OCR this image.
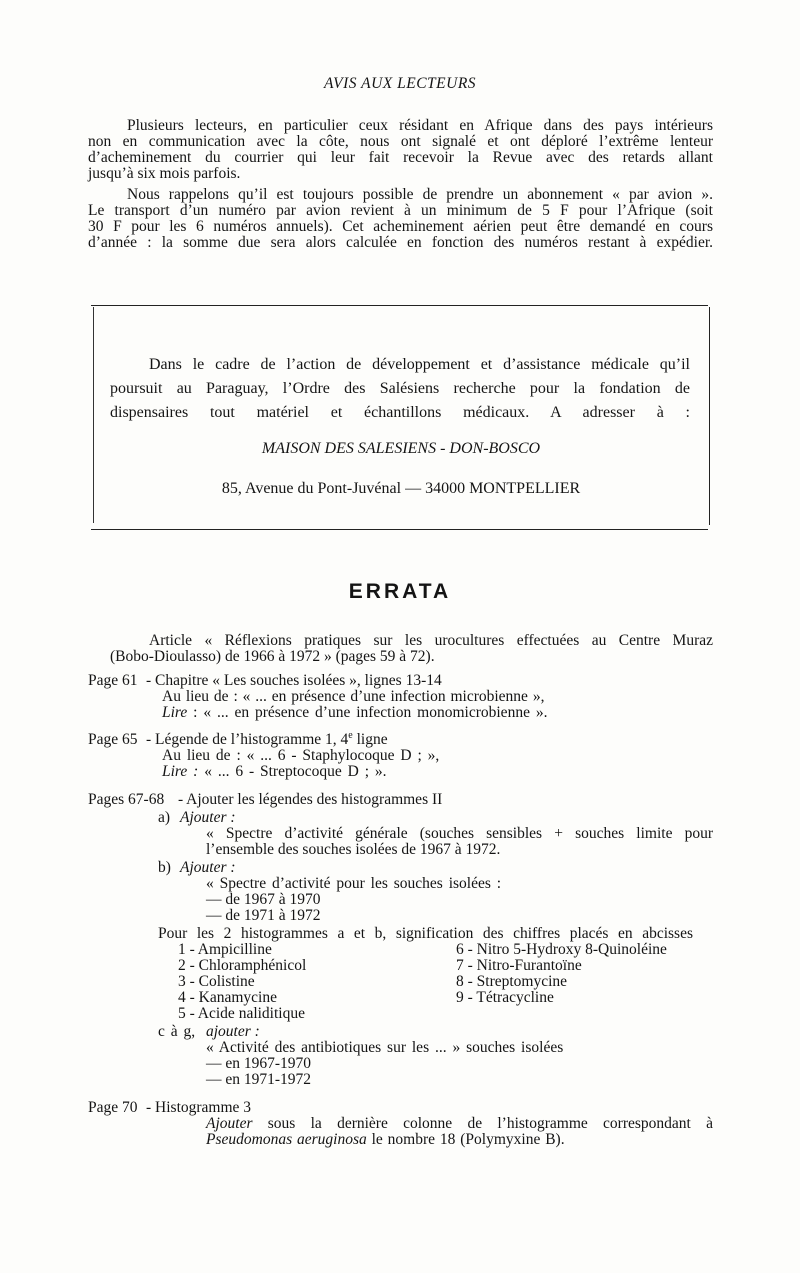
AVIS AUX LECTEURS
Plusieurs lecteurs, en particulier ceux résidant en Afrique dans des pays intérieurs
non en communication avec la côte, nous ont signalé et ont déploré l’extrême lenteur
d’acheminement du courrier qui leur fait recevoir la Revue avec des retards allant
jusqu’à six mois parfois.
Nous rappelons qu’il est toujours possible de prendre un abonnement « par avion ».
Le transport d’un numéro par avion revient à un minimum de 5 F pour l’Afrique (soit
30 F pour les 6 numéros annuels). Cet acheminement aérien peut être demandé en cours
d’année : la somme due sera alors calculée en fonction des numéros restant à expédier.
Dans le cadre de l’action de développement et d’assistance médicale qu’il
poursuit au Paraguay, l’Ordre des Salésiens recherche pour la fondation de
dispensaires tout matériel et échantillons médicaux. A adresser à :
MAISON DES SALESIENS - DON-BOSCO
85, Avenue du Pont-Juvénal — 34000 MONTPELLIER
ERRATA
Article « Réflexions pratiques sur les urocultures effectuées au Centre Muraz
(Bobo-Dioulasso) de 1966 à 1972 » (pages 59 à 72).
Page 61 - Chapitre « Les souches isolées », lignes 13-14
Au lieu de : « ... en présence d’une infection microbienne »,
Lire : « ... en présence d’une infection monomicrobienne ».
Page 65 - Légende de l’histogramme 1, 4e ligne
Au lieu de : « ... 6 - Staphylocoque D ; »,
Lire : « ... 6 - Streptocoque D ; ».
Pages 67-68 - Ajouter les légendes des histogrammes II
a) Ajouter :
« Spectre d’activité générale (souches sensibles + souches limite pour
l’ensemble des souches isolées de 1967 à 1972.
b) Ajouter :
« Spectre d’activité pour les souches isolées :
— de 1967 à 1970
— de 1971 à 1972
Pour les 2 histogrammes a et b, signification des chiffres placés en abcisses
1 - Ampicilline
2 - Chloramphénicol
3 - Colistine
4 - Kanamycine
5 - Acide naliditique
6 - Nitro 5-Hydroxy 8-Quinoléine
7 - Nitro-Furantoïne
8 - Streptomycine
9 - Tétracycline
c à g, ajouter :
« Activité des antibiotiques sur les ... » souches isolées
— en 1967-1970
— en 1971-1972
Page 70 - Histogramme 3
Ajouter sous la dernière colonne de l’histogramme correspondant à
Pseudomonas aeruginosa le nombre 18 (Polymyxine B).
